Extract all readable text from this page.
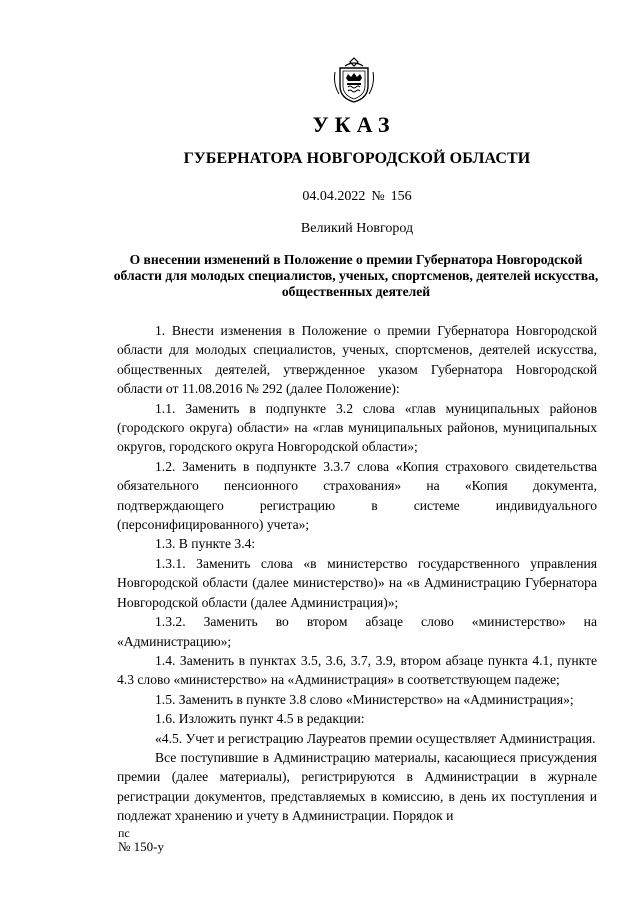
УКАЗ
ГУБЕРНАТОРА НОВГОРОДСКОЙ ОБЛАСТИ
04.04.2022 № 156
Великий Новгород
О внесении изменений в Положение о премии Губернатора Новгородской области для молодых специалистов, ученых, спортсменов, деятелей искусства, общественных деятелей

1. Внести изменения в Положение о премии Губернатора Новгородской области для молодых специалистов, ученых, спортсменов, деятелей искусства, общественных деятелей, утвержденное указом Губернатора Новгородской области от 11.08.2016 № 292 (далее Положение):

1.1. Заменить в подпункте 3.2 слова «глав муниципальных районов (городского округа) области» на «глав муниципальных районов, муниципальных округов, городского округа Новгородской области»;

1.2. Заменить в подпункте 3.3.7 слова «Копия страхового свидетельства обязательного пенсионного страхования» на «Копия документа, подтверждающего регистрацию в системе индивидуального (персонифицированного) учета»;

1.3. В пункте 3.4:

1.3.1. Заменить слова «в министерство государственного управления Новгородской области (далее министерство)» на «в Администрацию Губернатора Новгородской области (далее Администрация)»;

1.3.2. Заменить во втором абзаце слово «министерство» на «Администрацию»;

1.4. Заменить в пунктах 3.5, 3.6, 3.7, 3.9, втором абзаце пункта 4.1, пункте 4.3 слово «министерство» на «Администрация» в соответствующем падеже;

1.5. Заменить в пункте 3.8 слово «Министерство» на «Администрация»;

1.6. Изложить пункт 4.5 в редакции:

«4.5. Учет и регистрацию Лауреатов премии осуществляет Администрация.

Все поступившие в Администрацию материалы, касающиеся присуждения премии (далее материалы), регистрируются в Администрации в журнале регистрации документов, представляемых в комиссию, в день их поступления и подлежат хранению и учету в Администрации. Порядок и

пс
№ 150-у
